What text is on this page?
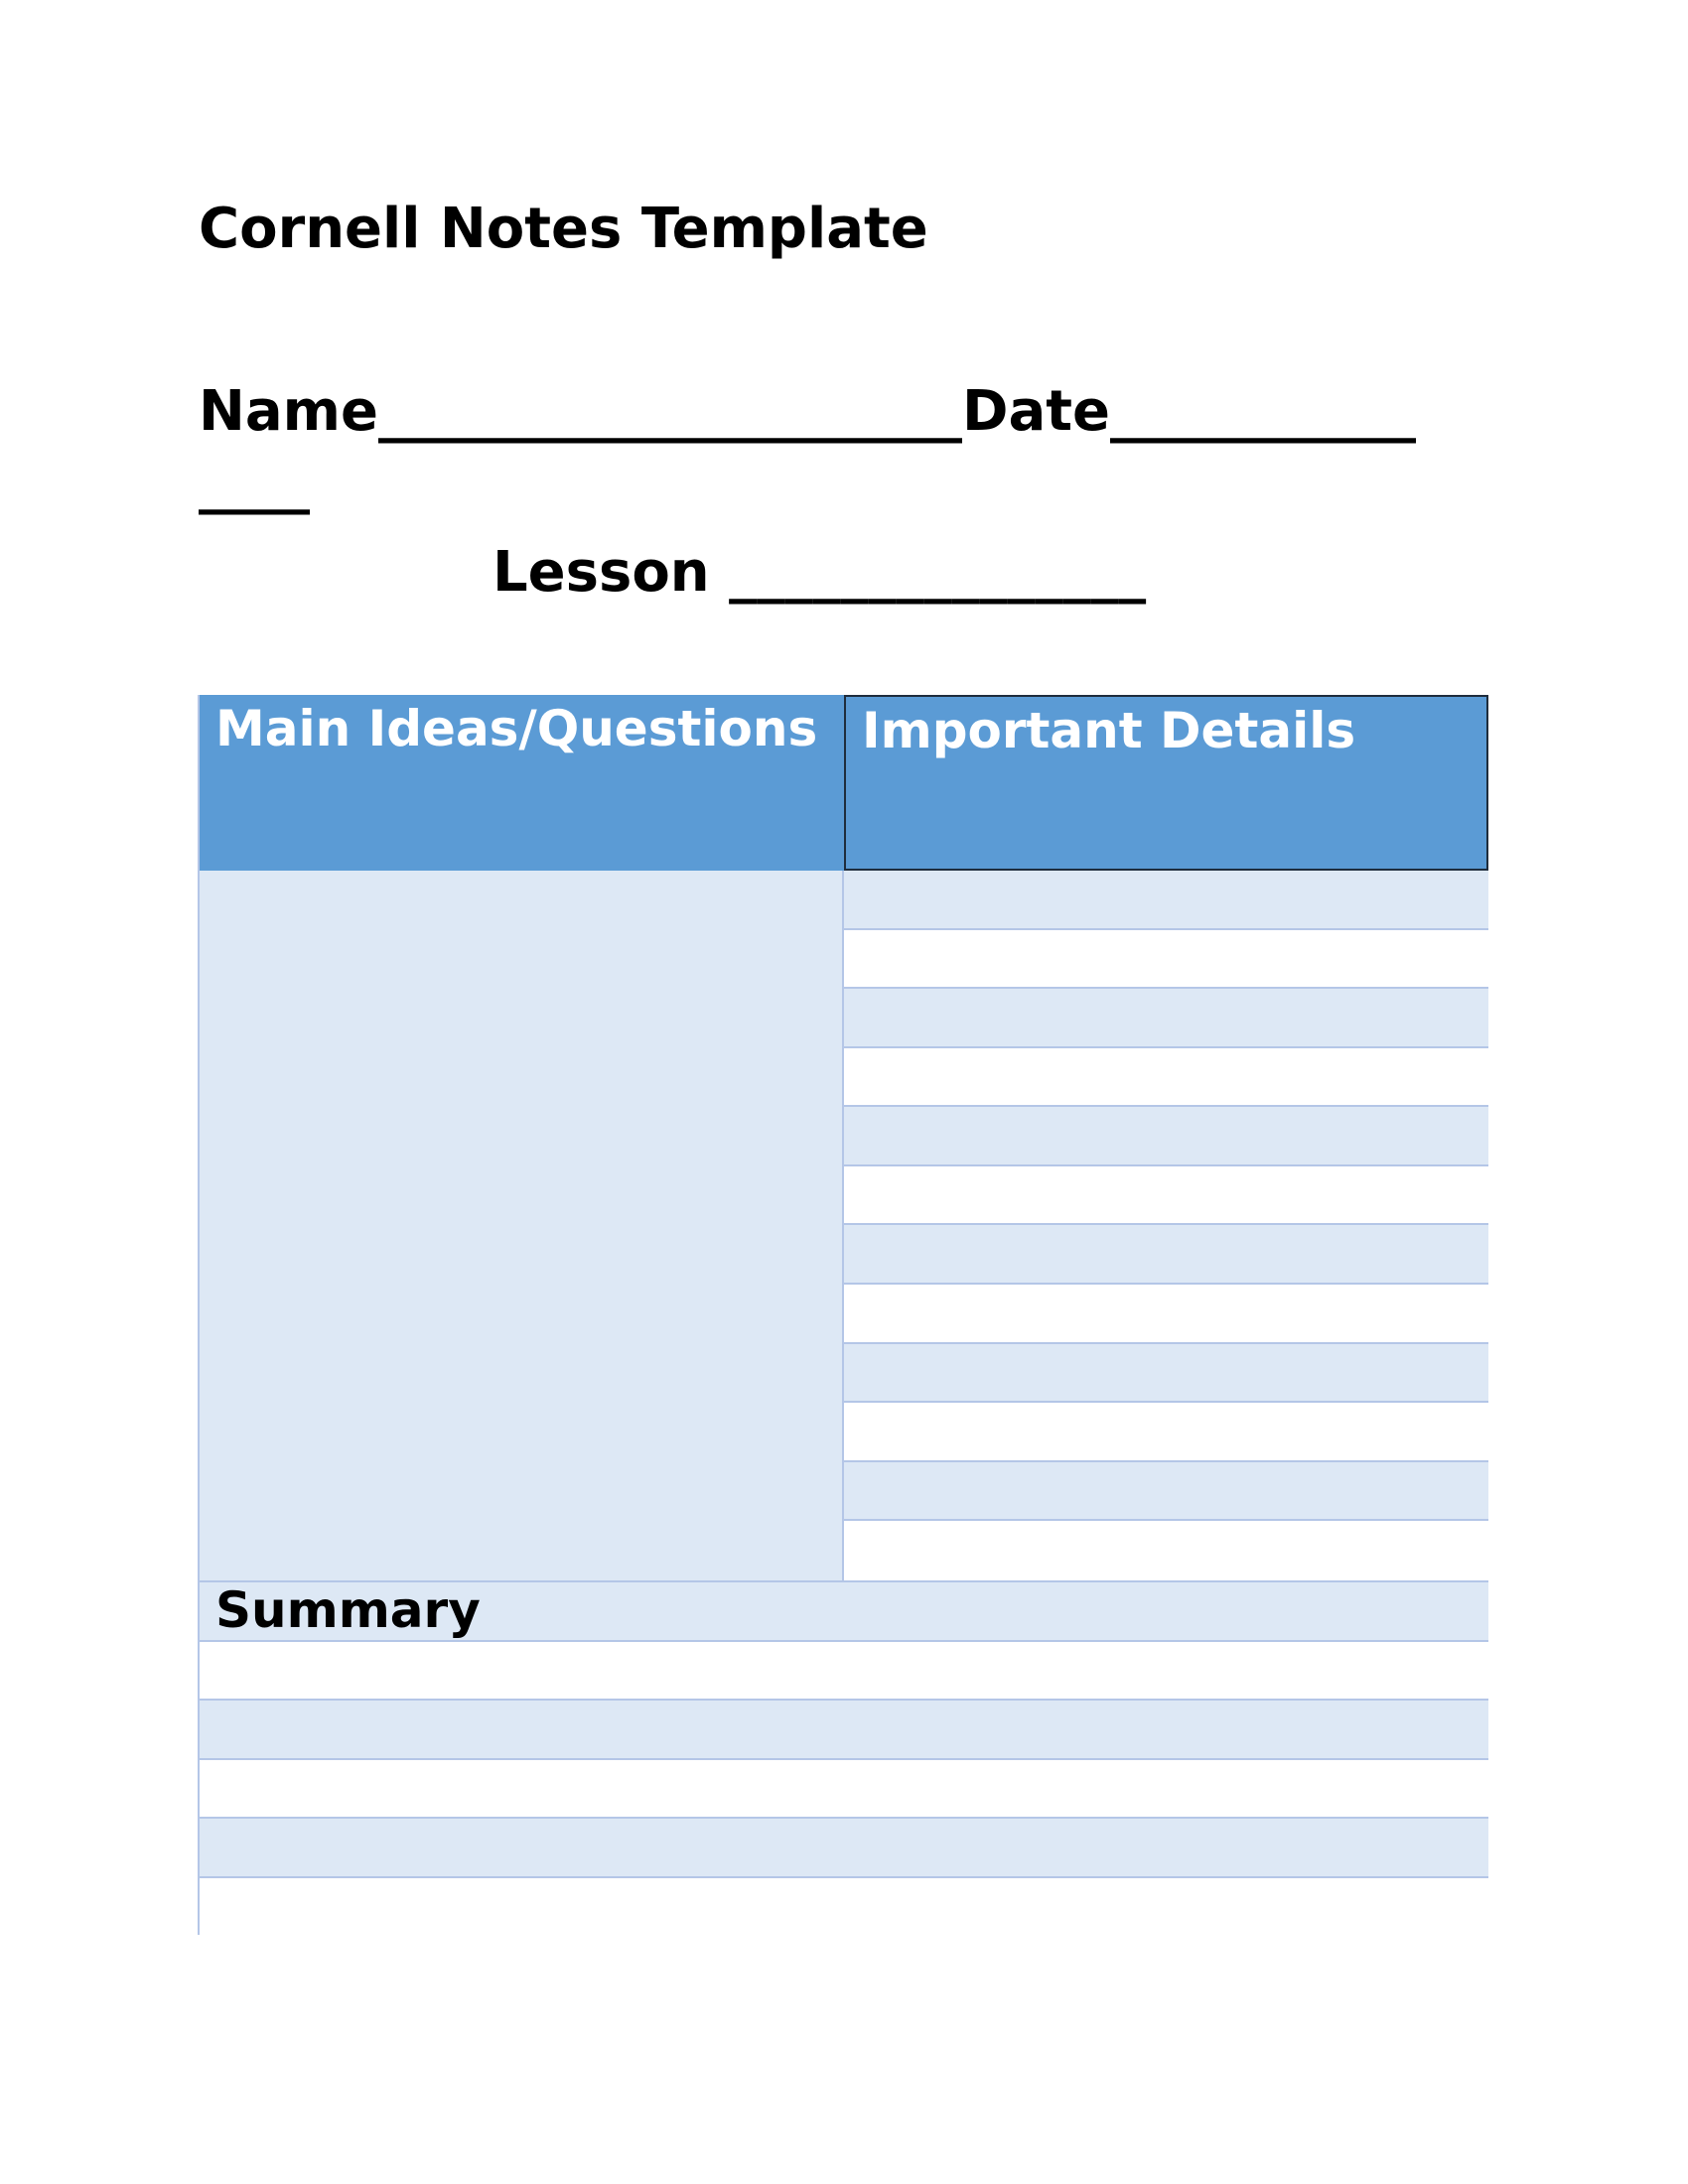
Cornell Notes Template
Name_____________________Date___________
____
Lesson _______________
Main Ideas/Questions Important Details
Summary
